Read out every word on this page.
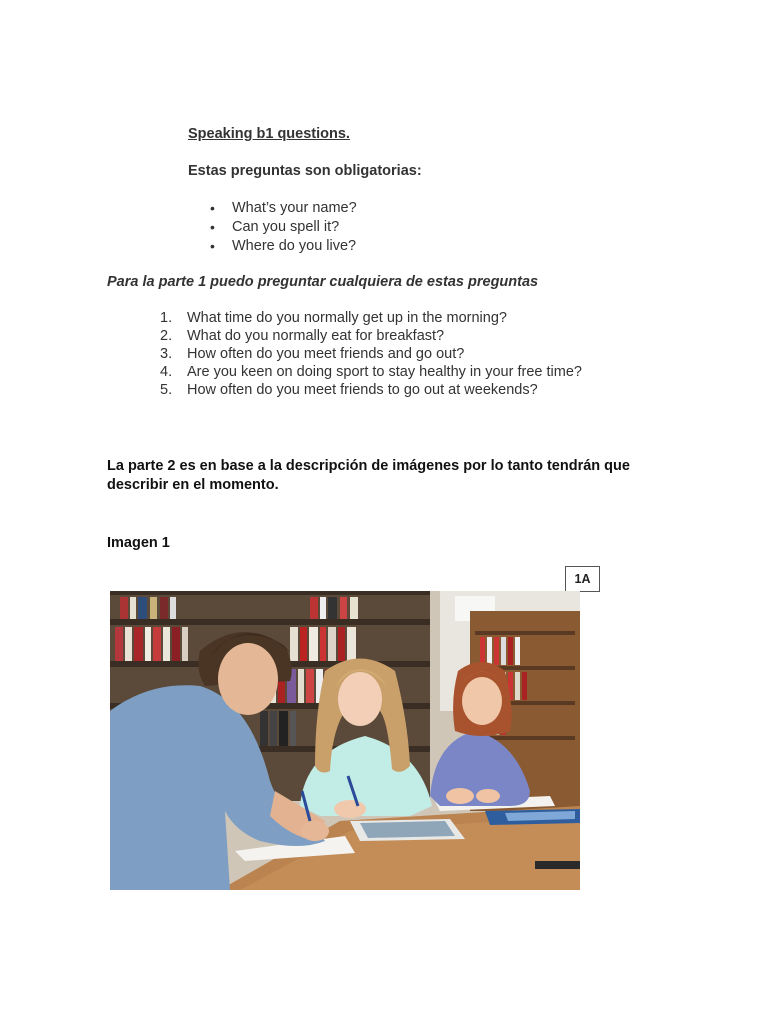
Speaking b1 questions.
Estas preguntas son obligatorias:
• What’s your name?
• Can you spell it?
• Where do you live?
Para la parte 1 puedo preguntar cualquiera de estas preguntas
1.	What time do you normally get up in the morning?
2.	What do you normally eat for breakfast?
3.	How often do you meet friends and go out?
4.	Are you keen on doing sport to stay healthy in your free time?
5.	How often do you meet friends to go out at weekends?
La parte 2 es en base a la descripción de imágenes por lo tanto tendrán que describir en el momento.
Imagen 1
1A
